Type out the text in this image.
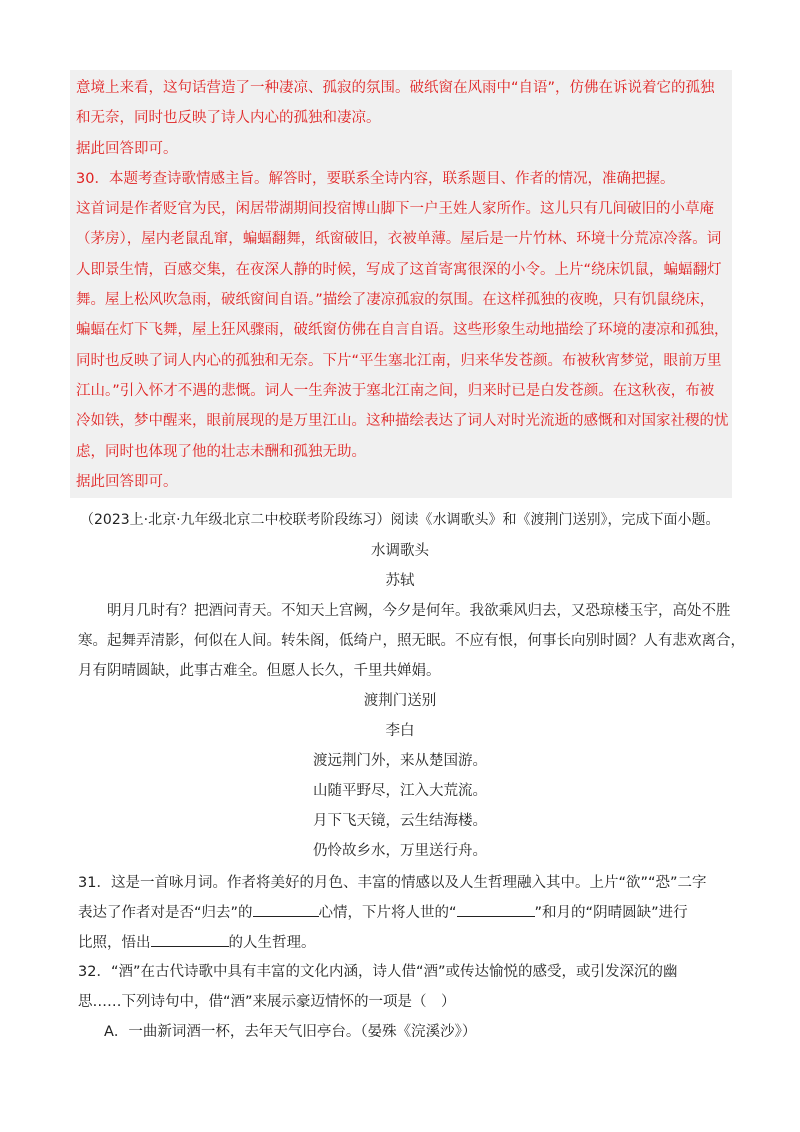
意境上来看，这句话营造了一种凄凉、孤寂的氛围。破纸窗在风雨中“自语”，仿佛在诉说着它的孤独
和无奈，同时也反映了诗人内心的孤独和凄凉。
据此回答即可。
30．本题考查诗歌情感主旨。解答时，要联系全诗内容，联系题目、作者的情况，准确把握。
这首词是作者贬官为民，闲居带湖期间投宿博山脚下一户王姓人家所作。这儿只有几间破旧的小草庵
（茅房），屋内老鼠乱窜，蝙蝠翻舞，纸窗破旧，衣被单薄。屋后是一片竹林、环境十分荒凉冷落。词
人即景生情，百感交集，在夜深人静的时候，写成了这首寄寓很深的小令。上片“绕床饥鼠，蝙蝠翻灯
舞。屋上松风吹急雨，破纸窗间自语。”描绘了凄凉孤寂的氛围。在这样孤独的夜晚，只有饥鼠绕床，
蝙蝠在灯下飞舞，屋上狂风骤雨，破纸窗仿佛在自言自语。这些形象生动地描绘了环境的凄凉和孤独，
同时也反映了词人内心的孤独和无奈。下片“平生塞北江南，归来华发苍颜。布被秋宵梦觉，眼前万里
江山。”引入怀才不遇的悲慨。词人一生奔波于塞北江南之间，归来时已是白发苍颜。在这秋夜，布被
冷如铁，梦中醒来，眼前展现的是万里江山。这种描绘表达了词人对时光流逝的感慨和对国家社稷的忧
虑，同时也体现了他的壮志未酬和孤独无助。
据此回答即可。
（2023上·北京·九年级北京二中校联考阶段练习）阅读《水调歌头》和《渡荆门送别》，完成下面小题。
水调歌头
苏轼
明月几时有？把酒问青天。不知天上宫阙，今夕是何年。我欲乘风归去，又恐琼楼玉宇，高处不胜
寒。起舞弄清影，何似在人间。转朱阁，低绮户，照无眠。不应有恨，何事长向别时圆？人有悲欢离合，
月有阴晴圆缺，此事古难全。但愿人长久，千里共婵娟。
渡荆门送别
李白
渡远荆门外，来从楚国游。
山随平野尽，江入大荒流。
月下飞天镜，云生结海楼。
仍怜故乡水，万里送行舟。
31．这是一首咏月词。作者将美好的月色、丰富的情感以及人生哲理融入其中。上片“欲”“恐”二字
表达了作者对是否“归去”的	心情，下片将人世的“	”和月的“阴晴圆缺”进行
比照，悟出	的人生哲理。
32．“酒”在古代诗歌中具有丰富的文化内涵，诗人借“酒”或传达愉悦的感受，或引发深沉的幽
思……下列诗句中，借“酒”来展示豪迈情怀的一项是（　）
A．一曲新词酒一杯，去年天气旧亭台。（晏殊《浣溪沙》）
